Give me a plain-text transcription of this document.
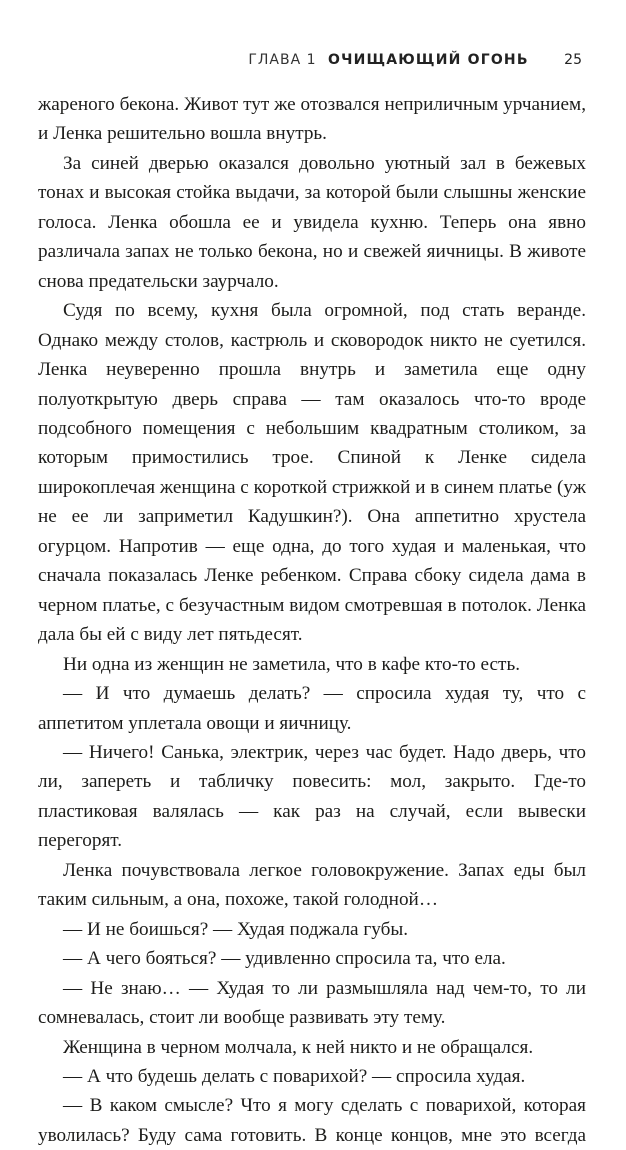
ГЛАВА 1 ОЧИЩАЮЩИЙ ОГОНЬ	25

жареного бекона. Живот тут же отозвался неприличным урчанием, и Ленка решительно вошла внутрь.

За синей дверью оказался довольно уютный зал в бежевых тонах и высокая стойка выдачи, за которой были слышны женские голоса. Ленка обошла ее и увидела кухню. Теперь она явно различала запах не только бекона, но и свежей яичницы. В животе снова предательски заурчало.

Судя по всему, кухня была огромной, под стать веранде. Однако между столов, кастрюль и сковородок никто не суетился. Ленка неуверенно прошла внутрь и заметила еще одну полуоткрытую дверь справа — там оказалось что-то вроде подсобного помещения с небольшим квадратным столиком, за которым примостились трое. Спиной к Ленке сидела широкоплечая женщина с короткой стрижкой и в синем платье (уж не ее ли заприметил Кадушкин?). Она аппетитно хрустела огурцом. Напротив — еще одна, до того худая и маленькая, что сначала показалась Ленке ребенком. Справа сбоку сидела дама в черном платье, с безучастным видом смотревшая в потолок. Ленка дала бы ей с виду лет пятьдесят.

Ни одна из женщин не заметила, что в кафе кто-то есть.

— И что думаешь делать? — спросила худая ту, что с аппетитом уплетала овощи и яичницу.

— Ничего! Санька, электрик, через час будет. Надо дверь, что ли, запереть и табличку повесить: мол, закрыто. Где-то пластиковая валялась — как раз на случай, если вывески перегорят.

Ленка почувствовала легкое головокружение. Запах еды был таким сильным, а она, похоже, такой голодной…

— И не боишься? — Худая поджала губы.

— А чего бояться? — удивленно спросила та, что ела.

— Не знаю… — Худая то ли размышляла над чем-то, то ли сомневалась, стоит ли вообще развивать эту тему.

Женщина в черном молчала, к ней никто и не обращался.

— А что будешь делать с поварихой? — спросила худая.

— В каком смысле? Что я могу сделать с поварихой, которая уволилась? Буду сама готовить. В конце концов, мне это всегда
